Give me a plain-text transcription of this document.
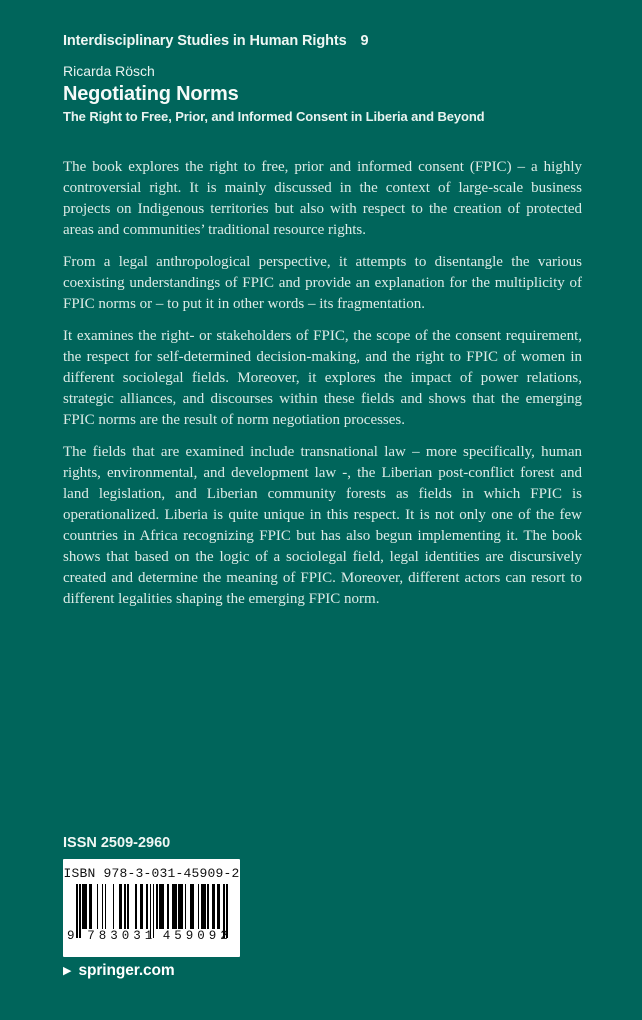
Interdisciplinary Studies in Human Rights 9
Ricarda Rösch
Negotiating Norms
The Right to Free, Prior, and Informed Consent in Liberia and Beyond

The book explores the right to free, prior and informed consent (FPIC) – a highly controversial right. It is mainly discussed in the context of large-scale business projects on Indigenous territories but also with respect to the creation of protected areas and communities’ traditional resource rights.

From a legal anthropological perspective, it attempts to disentangle the various coexisting understandings of FPIC and provide an explanation for the multiplicity of FPIC norms or – to put it in other words – its fragmentation.

It examines the right- or stakeholders of FPIC, the scope of the consent requirement, the respect for self-determined decision-making, and the right to FPIC of women in different sociolegal fields. Moreover, it explores the impact of power relations, strategic alliances, and discourses within these fields and shows that the emerging FPIC norms are the result of norm negotiation processes.

The fields that are examined include transnational law – more specifically, human rights, environmental, and development law -, the Liberian post-conflict forest and land legislation, and Liberian community forests as fields in which FPIC is operationalized. Liberia is quite unique in this respect. It is not only one of the few countries in Africa recognizing FPIC but has also begun implementing it. The book shows that based on the logic of a sociolegal field, legal identities are discursively created and determine the meaning of FPIC. Moreover, different actors can resort to different legalities shaping the emerging FPIC norm.

ISSN 2509-2960
ISBN 978-3-031-45909-2
9	783031 459092
▶ springer.com
